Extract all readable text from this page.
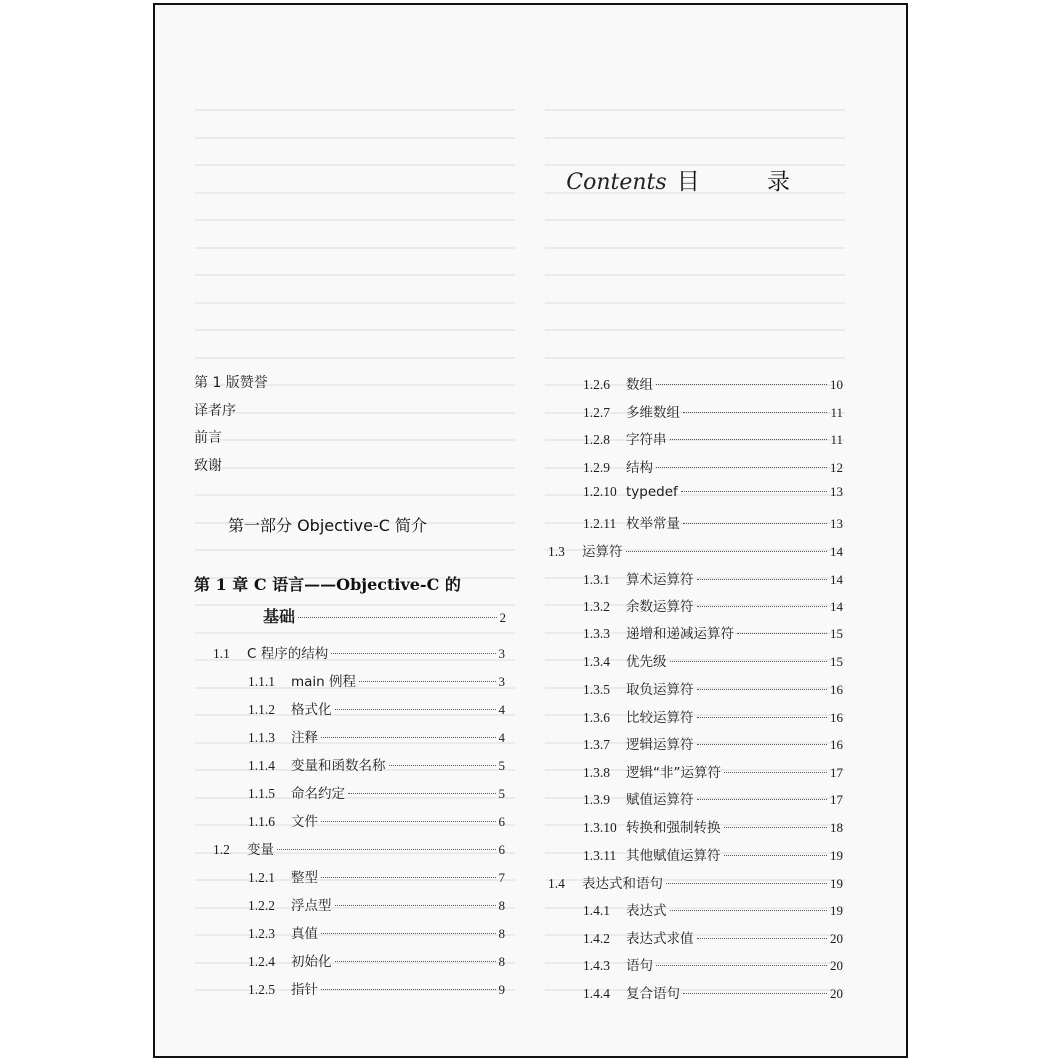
Contents 目 录
第 1 版赞誉
译者序
前言
致谢
第一部分 Objective-C 简介
第 1 章 C 语言——Objective-C 的
基础	2
1.1	C 程序的结构	3
1.1.1	main 例程	3
1.1.2	格式化	4
1.1.3	注释	4
1.1.4	变量和函数名称	5
1.1.5	命名约定	5
1.1.6	文件	6
1.2	变量	6
1.2.1	整型	7
1.2.2	浮点型	8
1.2.3	真值	8
1.2.4	初始化	8
1.2.5	指针	9
1.2.6	数组	10
1.2.7	多维数组	11
1.2.8	字符串	11
1.2.9	结构	12
1.2.10 typedef	13
1.2.11 枚举常量	13
1.3	运算符	14
1.3.1	算术运算符	14
1.3.2	余数运算符	14
1.3.3	递增和递减运算符	15
1.3.4	优先级	15
1.3.5	取负运算符	16
1.3.6	比较运算符	16
1.3.7	逻辑运算符	16
1.3.8	逻辑“非”运算符	17
1.3.9	赋值运算符	17
1.3.10 转换和强制转换	18
1.3.11 其他赋值运算符	19
1.4	表达式和语句	19
1.4.1	表达式	19
1.4.2	表达式求值	20
1.4.3	语句	20
1.4.4	复合语句	20
